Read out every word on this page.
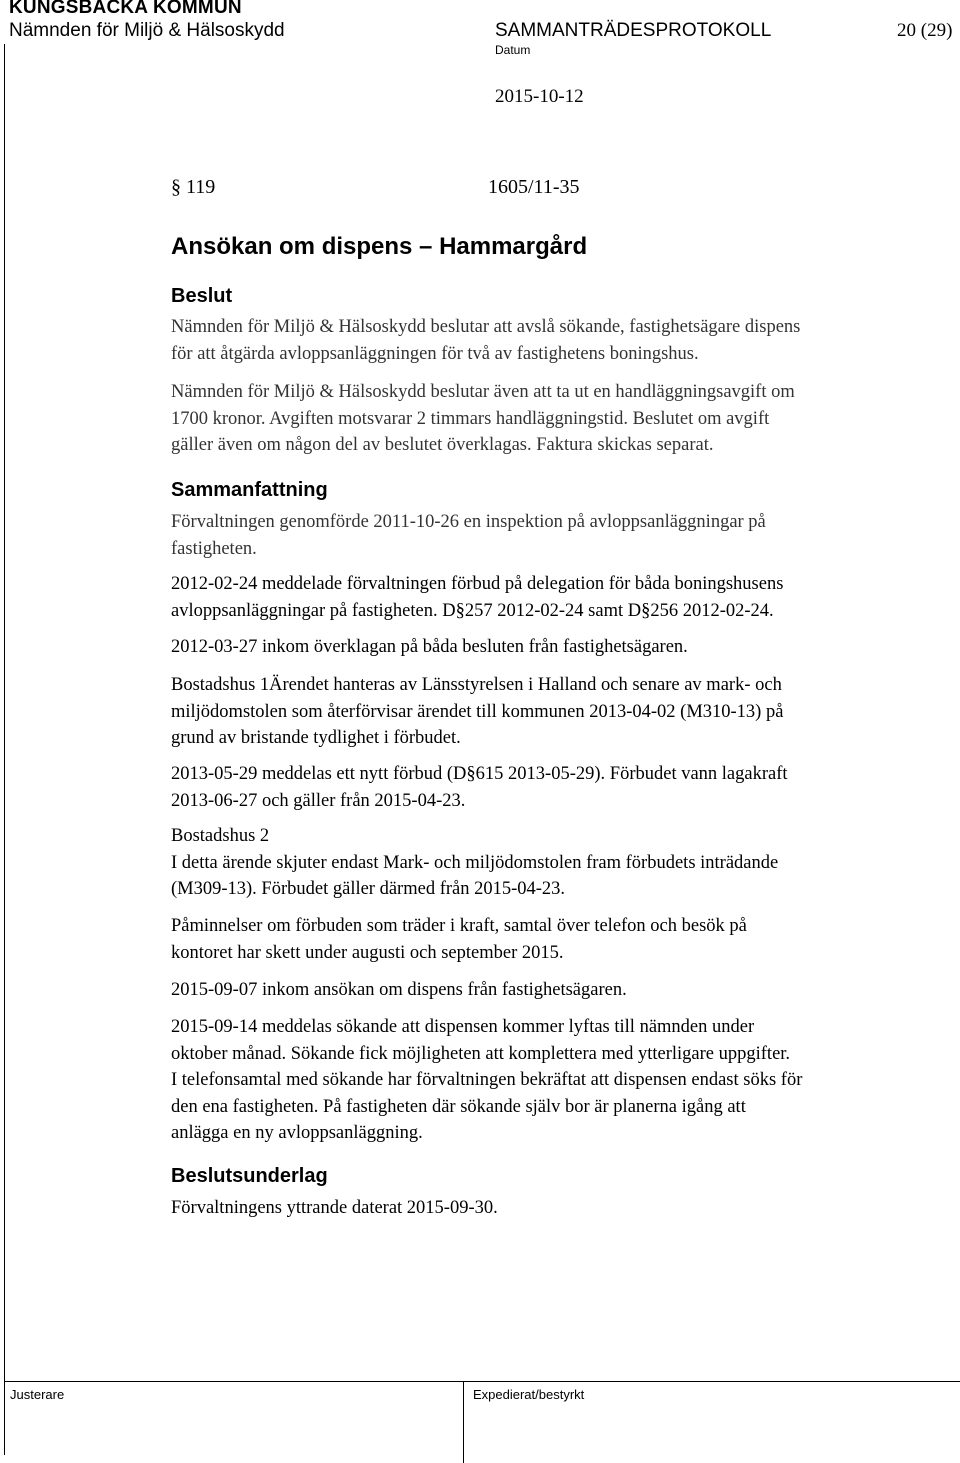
KUNGSBACKA KOMMUN
Nämnden för Miljö & Hälsoskydd	SAMMANTRÄDESPROTOKOLL	20 (29)
Datum
2015-10-12
§ 119	1605/11-35
Ansökan om dispens – Hammargård
Beslut
Nämnden för Miljö & Hälsoskydd beslutar att avslå sökande, fastighetsägare dispens
för att åtgärda avloppsanläggningen för två av fastighetens boningshus.
Nämnden för Miljö & Hälsoskydd beslutar även att ta ut en handläggningsavgift om
1700 kronor. Avgiften motsvarar 2 timmars handläggningstid. Beslutet om avgift
gäller även om någon del av beslutet överklagas. Faktura skickas separat.
Sammanfattning
Förvaltningen genomförde 2011-10-26 en inspektion på avloppsanläggningar på
fastigheten.
2012-02-24 meddelade förvaltningen förbud på delegation för båda boningshusens
avloppsanläggningar på fastigheten. D§257 2012-02-24 samt D§256 2012-02-24.
2012-03-27 inkom överklagan på båda besluten från fastighetsägaren.
Bostadshus 1Ärendet hanteras av Länsstyrelsen i Halland och senare av mark- och
miljödomstolen som återförvisar ärendet till kommunen 2013-04-02 (M310-13) på
grund av bristande tydlighet i förbudet.
2013-05-29 meddelas ett nytt förbud (D§615 2013-05-29). Förbudet vann lagakraft
2013-06-27 och gäller från 2015-04-23.
Bostadshus 2
I detta ärende skjuter endast Mark- och miljödomstolen fram förbudets inträdande
(M309-13). Förbudet gäller därmed från 2015-04-23.
Påminnelser om förbuden som träder i kraft, samtal över telefon och besök på
kontoret har skett under augusti och september 2015.
2015-09-07 inkom ansökan om dispens från fastighetsägaren.
2015-09-14 meddelas sökande att dispensen kommer lyftas till nämnden under
oktober månad. Sökande fick möjligheten att komplettera med ytterligare uppgifter.
I telefonsamtal med sökande har förvaltningen bekräftat att dispensen endast söks för
den ena fastigheten. På fastigheten där sökande själv bor är planerna igång att
anlägga en ny avloppsanläggning.
Beslutsunderlag
Förvaltningens yttrande daterat 2015-09-30.
Justerare	Expedierat/bestyrkt
